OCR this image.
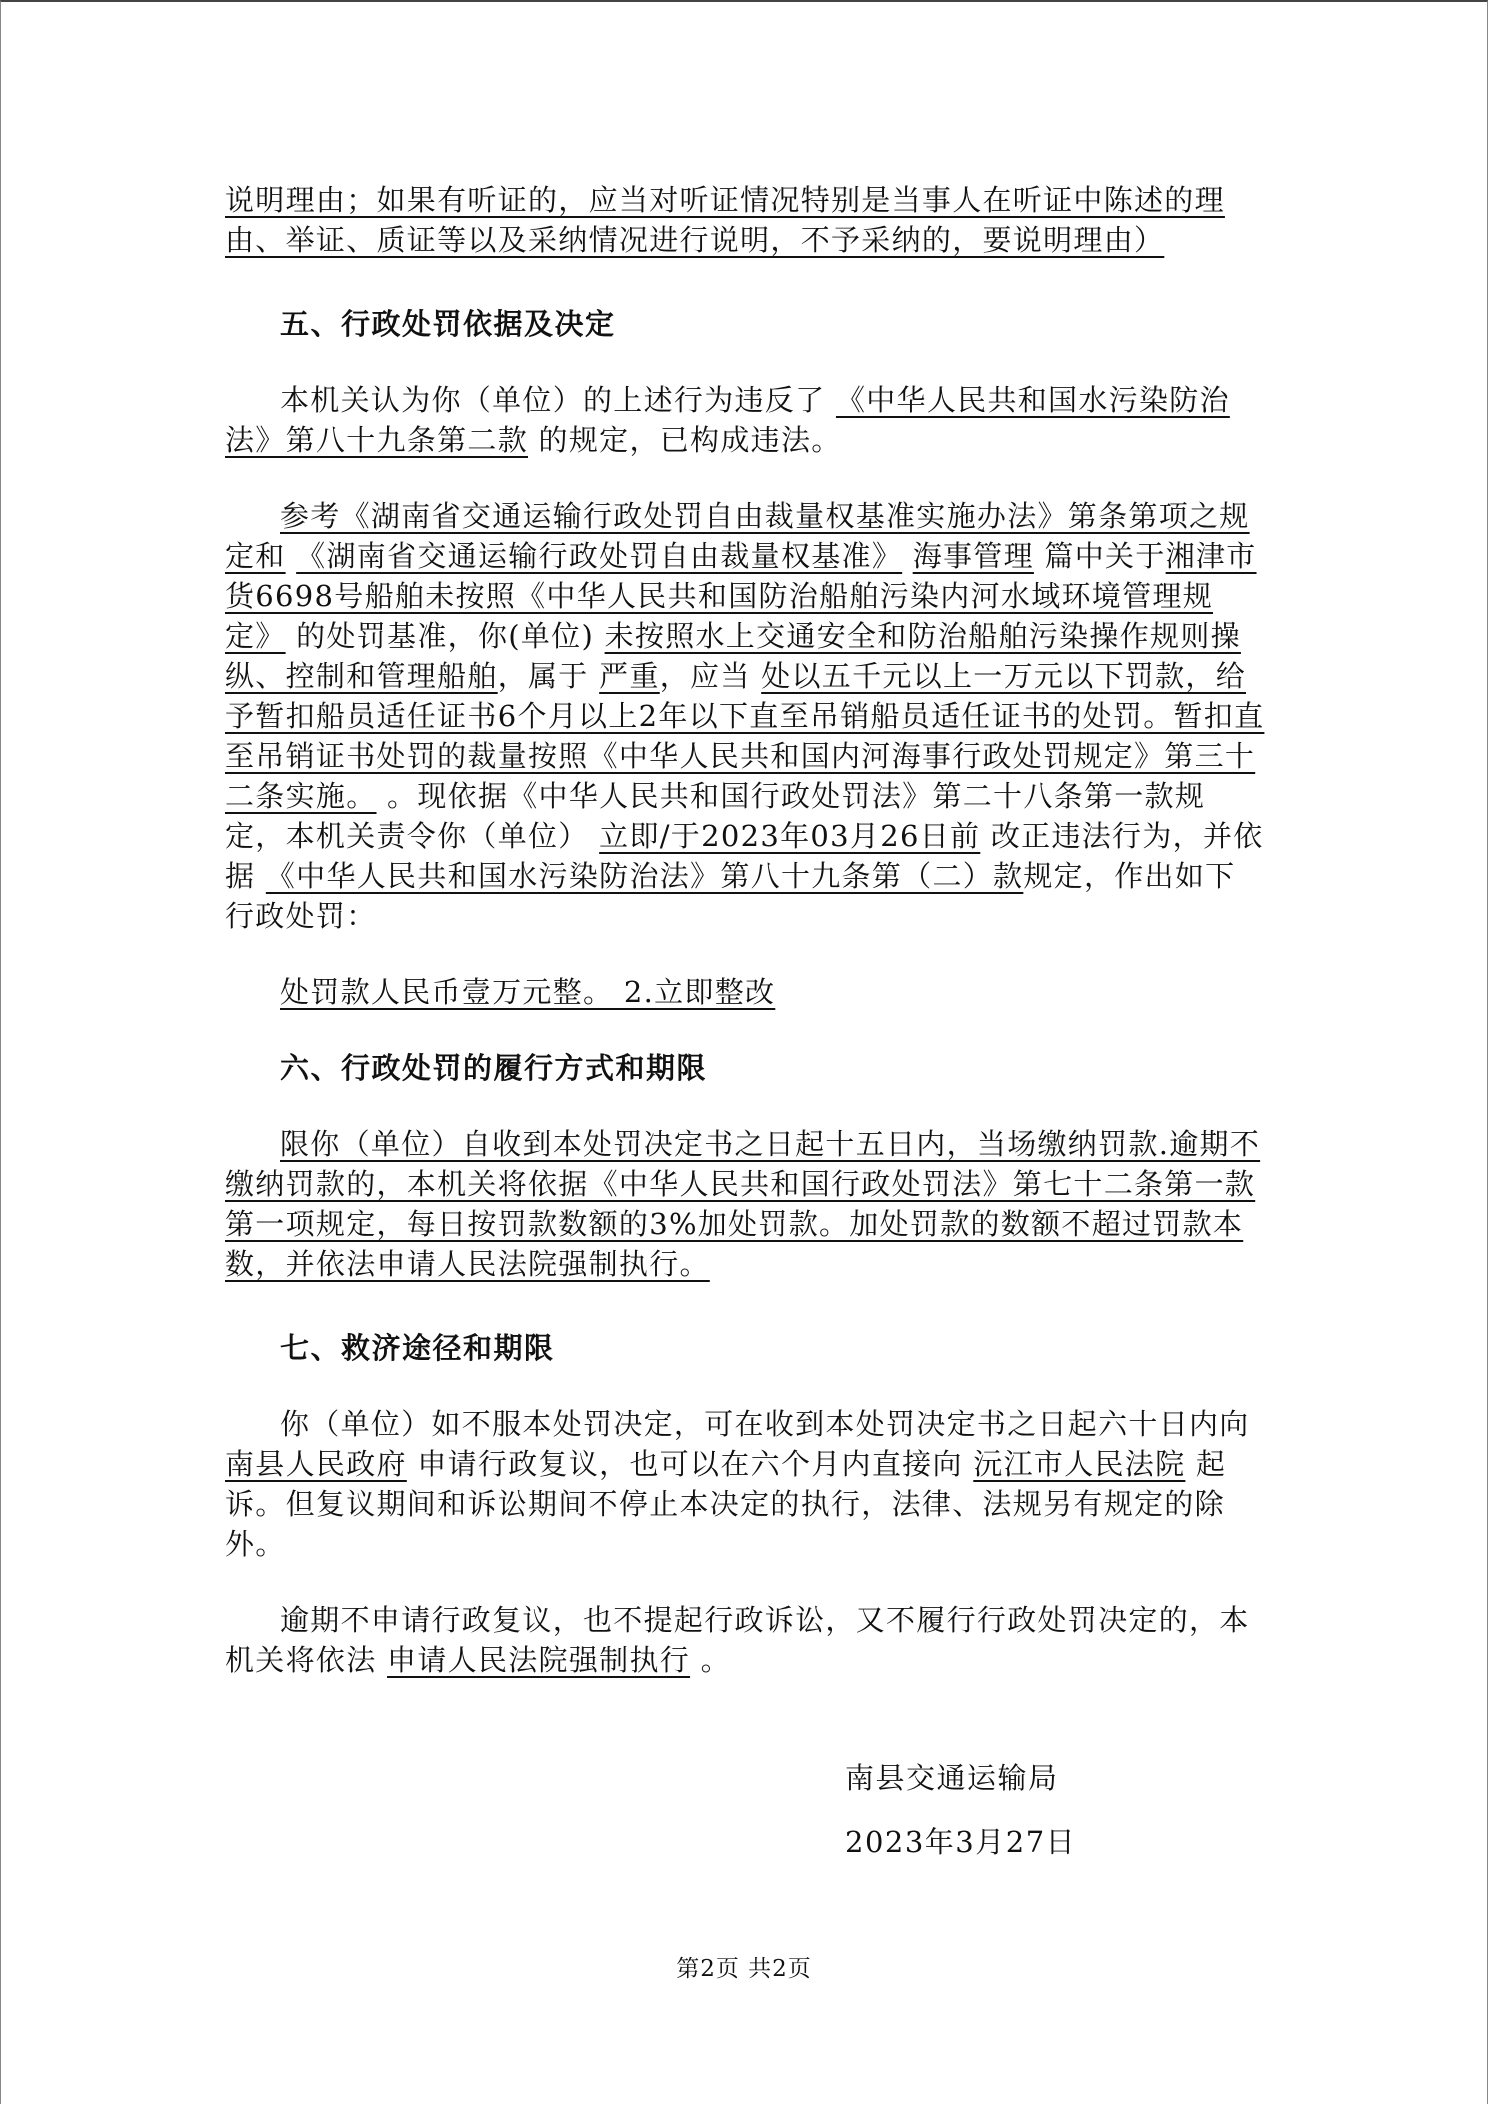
说明理由；如果有听证的，应当对听证情况特别是当事人在听证中陈述的理由、举证、质证等以及采纳情况进行说明，不予采纳的，要说明理由）

五、行政处罚依据及决定

本机关认为你（单位）的上述行为违反了 《中华人民共和国水污染防治法》第八十九条第二款 的规定，已构成违法。

参考《湖南省交通运输行政处罚自由裁量权基准实施办法》第条第项之规定和 《湖南省交通运输行政处罚自由裁量权基准》 海事管理 篇中关于湘津市货6698号船舶未按照《中华人民共和国防治船舶污染内河水域环境管理规定》 的处罚基准，你(单位) 未按照水上交通安全和防治船舶污染操作规则操纵、控制和管理船舶，属于 严重，应当 处以五千元以上一万元以下罚款，给予暂扣船员适任证书6个月以上2年以下直至吊销船员适任证书的处罚。暂扣直至吊销证书处罚的裁量按照《中华人民共和国内河海事行政处罚规定》第三十二条实施。 。现依据《中华人民共和国行政处罚法》第二十八条第一款规定，本机关责令你（单位） 立即/于2023年03月26日前 改正违法行为，并依据 《中华人民共和国水污染防治法》第八十九条第（二）款规定，作出如下行政处罚：

处罚款人民币壹万元整。 2.立即整改

六、行政处罚的履行方式和期限

限你（单位）自收到本处罚决定书之日起十五日内，当场缴纳罚款.逾期不缴纳罚款的，本机关将依据《中华人民共和国行政处罚法》第七十二条第一款第一项规定，每日按罚款数额的3%加处罚款。加处罚款的数额不超过罚款本数，并依法申请人民法院强制执行。

七、救济途径和期限

你（单位）如不服本处罚决定，可在收到本处罚决定书之日起六十日内向 南县人民政府 申请行政复议，也可以在六个月内直接向 沅江市人民法院 起诉。但复议期间和诉讼期间不停止本决定的执行，法律、法规另有规定的除外。

逾期不申请行政复议，也不提起行政诉讼，又不履行行政处罚决定的，本机关将依法 申请人民法院强制执行 。

南县交通运输局
2023年3月27日
第2页 共2页
